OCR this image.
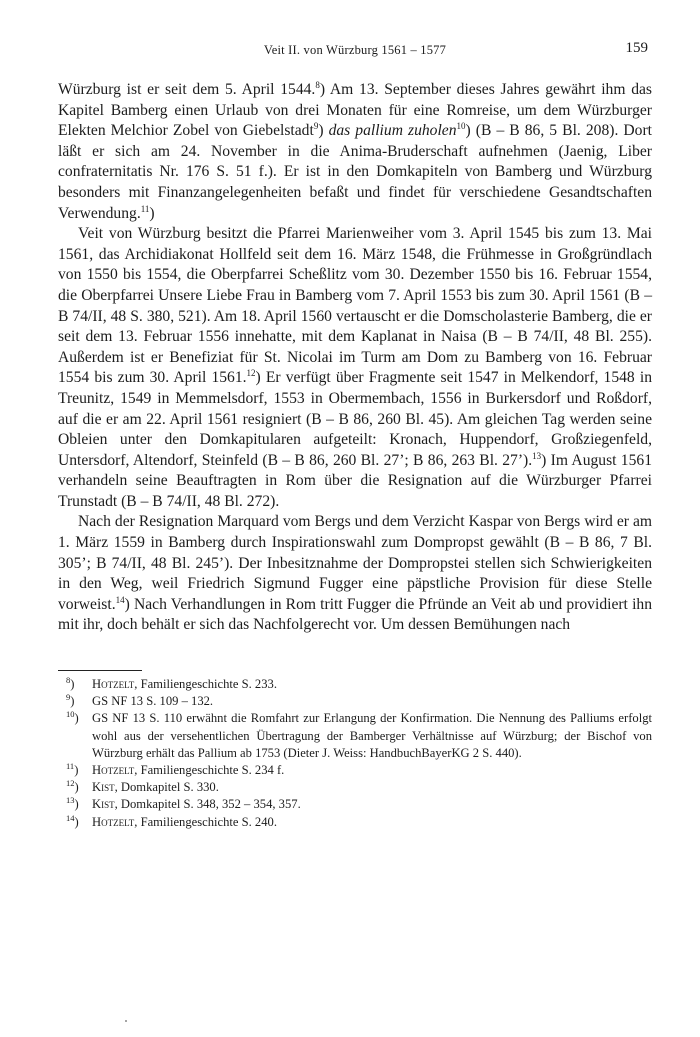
Veit II. von Würzburg 1561 – 1577	159

Würzburg ist er seit dem 5. April 1544.$^8$) Am 13. September dieses Jahres gewährt ihm das Kapitel Bamberg einen Urlaub von drei Monaten für eine Romreise, um dem Würzburger Elekten Melchior Zobel von Giebelstadt$^9$) das pallium zuholen$^{10}$) (B – B 86, 5 Bl. 208). Dort läßt er sich am 24. November in die Anima-Bruderschaft aufnehmen (Jaenig, Liber confraternitatis Nr. 176 S. 51 f.). Er ist in den Domkapiteln von Bamberg und Würzburg besonders mit Finanzangelegenheiten befaßt und findet für verschiedene Gesandtschaften Verwendung.$^{11}$)

Veit von Würzburg besitzt die Pfarrei Marienweiher vom 3. April 1545 bis zum 13. Mai 1561, das Archidiakonat Hollfeld seit dem 16. März 1548, die Frühmesse in Großgründlach von 1550 bis 1554, die Oberpfarrei Scheßlitz vom 30. Dezember 1550 bis 16. Februar 1554, die Oberpfarrei Unsere Liebe Frau in Bamberg vom 7. April 1553 bis zum 30. April 1561 (B – B 74/II, 48 S. 380, 521). Am 18. April 1560 vertauscht er die Domscholasterie Bamberg, die er seit dem 13. Februar 1556 innehatte, mit dem Kaplanat in Naisa (B – B 74/II, 48 Bl. 255). Außerdem ist er Benefiziat für St. Nicolai im Turm am Dom zu Bamberg von 16. Februar 1554 bis zum 30. April 1561.12) Er verfügt über Fragmente seit 1547 in Melkendorf, 1548 in Treunitz, 1549 in Memmelsdorf, 1553 in Obermembach, 1556 in Burkersdorf und Roßdorf, auf die er am 22. April 1561 resigniert (B – B 86, 260 Bl. 45). Am gleichen Tag werden seine Obleien unter den Domkapitularen aufgeteilt: Kronach, Huppendorf, Großziegenfeld, Untersdorf, Altendorf, Steinfeld (B – B 86, 260 Bl. 27’; B 86, 263 Bl. 27’).$^{13}$) Im August 1561 verhandeln seine Beauftragten in Rom über die Resignation auf die Würzburger Pfarrei Trunstadt (B – B 74/II, 48 Bl. 272).

Nach der Resignation Marquard vom Bergs und dem Verzicht Kaspar von Bergs wird er am 1. März 1559 in Bamberg durch Inspirationswahl zum Dompropst gewählt (B – B 86, 7 Bl. 305’; B 74/II, 48 Bl. 245’). Der Inbesitznahme der Dompropstei stellen sich Schwierigkeiten in den Weg, weil Friedrich Sigmund Fugger eine päpstliche Provision für diese Stelle vorweist.$^{14}$) Nach Verhandlungen in Rom tritt Fugger die Pfründe an Veit ab und providiert ihn mit ihr, doch behält er sich das Nachfolgerecht vor. Um dessen Bemühungen nach

$^8$)	Hotzelt, Familiengeschichte S. 233.
$^9$)	GS NF 13 S. 109 – 132.
$^{10}$)	GS NF 13 S. 110 erwähnt die Romfahrt zur Erlangung der Konfirmation. Die Nennung des Palliums erfolgt wohl aus der versehentlichen Übertragung der Bamberger Verhältnisse auf Würzburg; der Bischof von Würzburg erhält das Pallium ab 1753 (Dieter J. Weiss: HandbuchBayerKG 2 S. 440).
$^{11}$)	Hotzelt, Familiengeschichte S. 234 f.
$^{12}$)	Kist, Domkapitel S. 330.
$^{13}$)	Kist, Domkapitel S. 348, 352 – 354, 357.
$^{14}$)	Hotzelt, Familiengeschichte S. 240.
